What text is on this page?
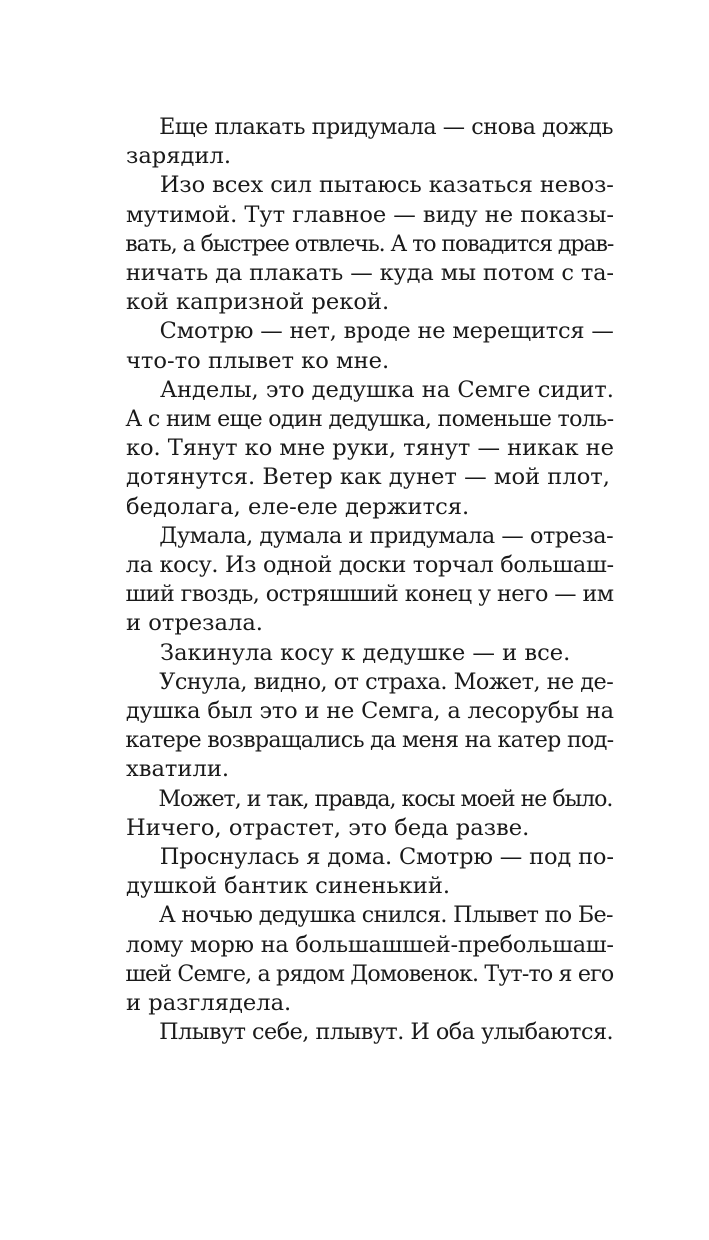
Еще плакать придумала — снова дождь
зарядил.

Изо всех сил пытаюсь казаться невоз-
мутимой. Тут главное — виду не показы-
вать, а быстрее отвлечь. А то повадится драв-
ничать да плакать — куда мы потом с та-
кой капризной рекой.

Смотрю — нет, вроде не мерещится —
что-то плывет ко мне.

Анделы, это дедушка на Семге сидит.
А с ним еще один дедушка, поменьше толь-
ко. Тянут ко мне руки, тянут — никак не
дотянутся. Ветер как дунет — мой плот,
бедолага, еле-еле держится.

Думала, думала и придумала — отреза-
ла косу. Из одной доски торчал большаш-
ший гвоздь, остряшший конец у него — им
и отрезала.

Закинула косу к дедушке — и все.

Уснула, видно, от страха. Может, не де-
душка был это и не Семга, а лесорубы на
катере возвращались да меня на катер под-
хватили.

Может, и так, правда, косы моей не было.
Ничего, отрастет, это беда разве.

Проснулась я дома. Смотрю — под по-
душкой бантик синенький.

А ночью дедушка снился. Плывет по Бе-
лому морю на большашшей-пребольшаш-
шей Семге, а рядом Домовенок. Тут-то я его
и разглядела.

Плывут себе, плывут. И оба улыбаются.
